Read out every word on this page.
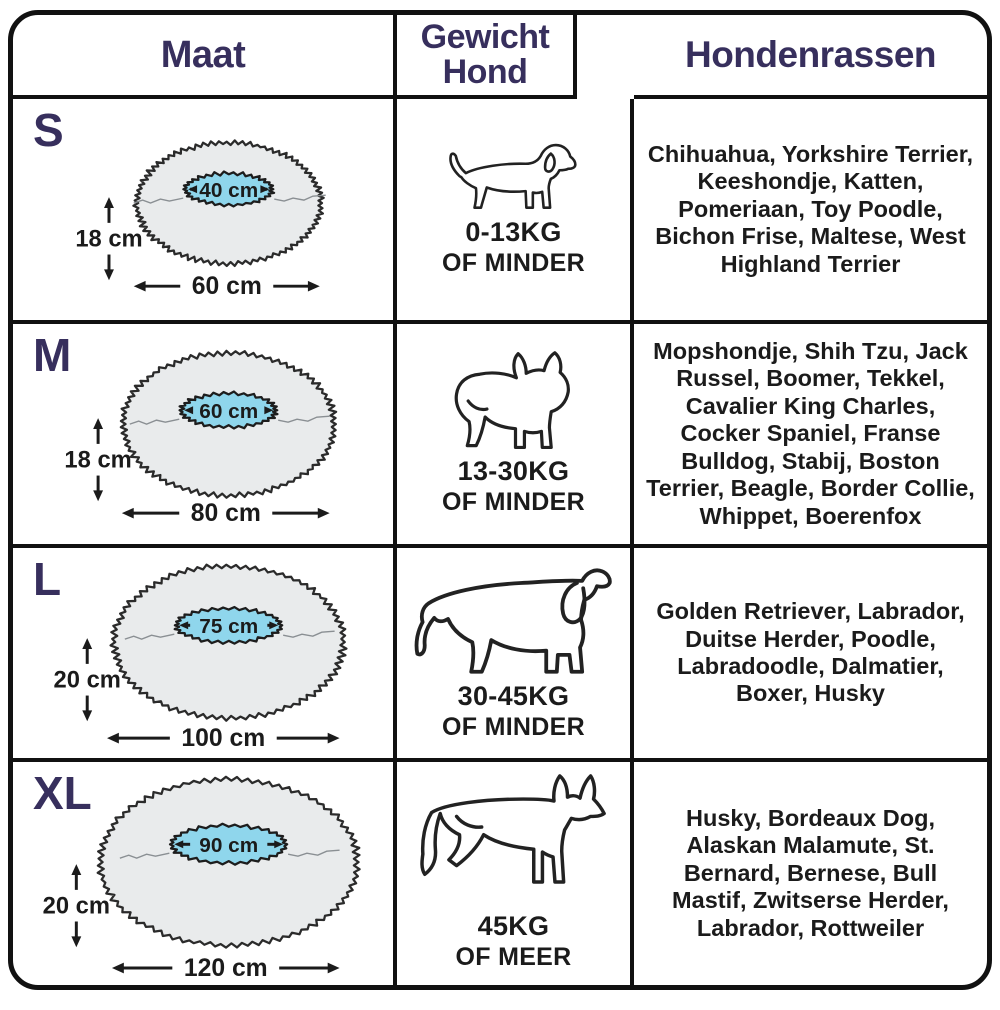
Maat	Gewicht Hond	Hondenrassen
S
40 cm
18 cm
60 cm
0-13KG
OF MINDER
Chihuahua, Yorkshire Terrier, Keeshondje, Katten, Pomeriaan, Toy Poodle, Bichon Frise, Maltese, West Highland Terrier
M
60 cm
18 cm
80 cm
13-30KG
OF MINDER
Mopshondje, Shih Tzu, Jack Russel, Boomer, Tekkel, Cavalier King Charles, Cocker Spaniel, Franse Bulldog, Stabij, Boston Terrier, Beagle, Border Collie, Whippet, Boerenfox
L
75 cm
20 cm
100 cm
30-45KG
OF MINDER
Golden Retriever, Labrador, Duitse Herder, Poodle, Labradoodle, Dalmatier, Boxer, Husky
XL
90 cm
20 cm
120 cm
45KG
OF MEER
Husky, Bordeaux Dog, Alaskan Malamute, St. Bernard, Bernese, Bull Mastif, Zwitserse Herder, Labrador, Rottweiler
